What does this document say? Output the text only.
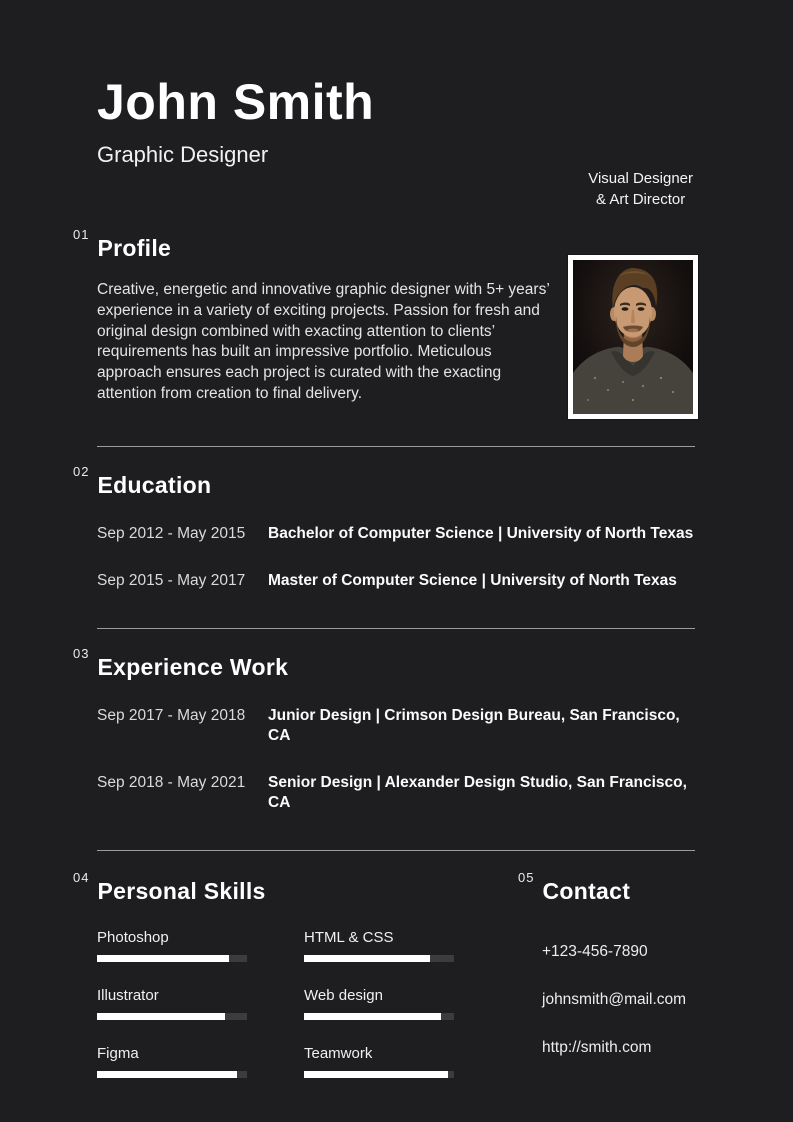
John Smith
Graphic Designer
Visual Designer
& Art Director
$^{01}$Profile

Creative, energetic and innovative graphic designer with 5+ years’ experience in a variety of exciting projects. Passion for fresh and original design combined with exacting attention to clients’ requirements has built an impressive portfolio. Meticulous approach ensures each project is curated with the exacting attention from creation to final delivery.

$^{02}$Education
Sep 2012 - May 2015	Bachelor of Computer Science | University of North Texas
Sep 2015 - May 2017	Master of Computer Science | University of North Texas
$^{03}$Experience Work
Sep 2017 - May 2018	Junior Design | Crimson Design Bureau, San Francisco, CA
Sep 2018 - May 2021	Senior Design | Alexander Design Studio, San Francisco, CA
$^{04}$Personal Skills
Photoshop	HTML & CSS
Illustrator	Web design
Figma	Teamwork
$^{05}$Contact
+123-456-7890
johnsmith@mail.com
http://smith.com
